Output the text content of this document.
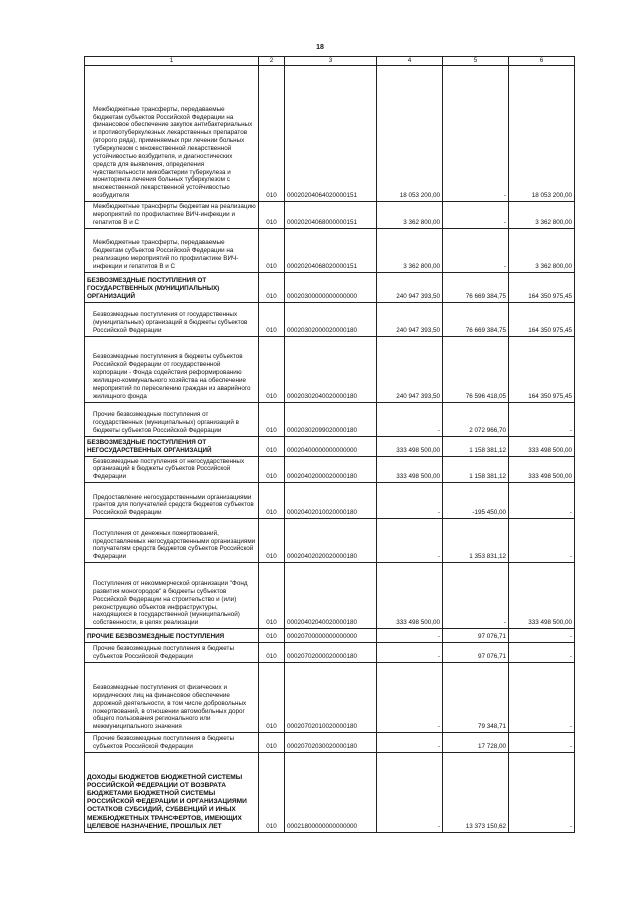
18
1	2	3	4	5	6
Межбюджетные трансферты, передаваемые бюджетам субъектов Российской Федерации на финансовое обеспечение закупок антибактериальных и противотуберкулезных лекарственных препаратов (второго ряда), применяемых при лечении больных туберкулезом с множественной лекарственной устойчивостью возбудителя, и диагностических средств для выявления, определения чувствительности микобактерии туберкулеза и мониторинга лечения больных туберкулезом с множественной лекарственной устойчивостью возбудителя	010	00020204064020000151	18 053 200,00	-	18 053 200,00
Межбюджетные трансферты бюджетам на реализацию мероприятий по профилактике ВИЧ-инфекции и гепатитов В и С	010	00020204068000000151	3 362 800,00	-	3 362 800,00
Межбюджетные трансферты, передаваемые бюджетам субъектов Российской Федерации на реализацию мероприятий по профилактике ВИЧ-инфекции и гепатитов В и С	010	00020204068020000151	3 362 800,00	-	3 362 800,00
БЕЗВОЗМЕЗДНЫЕ ПОСТУПЛЕНИЯ ОТ ГОСУДАРСТВЕННЫХ (МУНИЦИПАЛЬНЫХ) ОРГАНИЗАЦИЙ	010	00020300000000000000	240 947 393,50	76 669 384,75	164 350 975,45
Безвозмездные поступления от государственных (муниципальных) организаций в бюджеты субъектов Российской Федерации	010	00020302000020000180	240 947 393,50	76 669 384,75	164 350 975,45
Безвозмездные поступления в бюджеты субъектов Российской Федерации от государственной корпорации - Фонда содействия реформированию жилищно-коммунального хозяйства на обеспечение мероприятий по переселению граждан из аварийного жилищного фонда	010	00020302040020000180	240 947 393,50	76 596 418,05	164 350 975,45
Прочие безвозмездные поступления от государственных (муниципальных) организаций в бюджеты субъектов Российской Федерации	010	00020302099020000180	-	2 072 966,70	-
БЕЗВОЗМЕЗДНЫЕ ПОСТУПЛЕНИЯ ОТ НЕГОСУДАРСТВЕННЫХ ОРГАНИЗАЦИЙ	010	00020400000000000000	333 498 500,00	1 158 381,12	333 498 500,00
Безвозмездные поступления от негосударственных организаций в бюджеты субъектов Российской Федерации	010	00020402000020000180	333 498 500,00	1 158 381,12	333 498 500,00
Предоставление негосударственными организациями грантов для получателей средств бюджетов субъектов Российской Федерации	010	00020402010020000180	-	-195 450,00	-
Поступления от денежных пожертвований, предоставляемых негосударственными организациями получателям средств бюджетов субъектов Российской Федерации	010	00020402020020000180	-	1 353 831,12	-
Поступления от некоммерческой организации "Фонд развития моногородов" в бюджеты субъектов Российской Федерации на строительство и (или) реконструкцию объектов инфраструктуры, находящихся в государственной (муниципальной) собственности, в целях реализации	010	00020402040020000180	333 498 500,00	-	333 498 500,00
ПРОЧИЕ БЕЗВОЗМЕЗДНЫЕ ПОСТУПЛЕНИЯ	010	00020700000000000000	-	97 076,71	-
Прочие безвозмездные поступления в бюджеты субъектов Российской Федерации	010	00020702000020000180	-	97 076,71	-
Безвозмездные поступления от физических и юридических лиц на финансовое обеспечение дорожной деятельности, в том числе добровольных пожертвований, в отношении автомобильных дорог общего пользования регионального или межмуниципального значения	010	00020702010020000180	-	79 348,71	-
Прочие безвозмездные поступления в бюджеты субъектов Российской Федерации	010	00020702030020000180	-	17 728,00	-
ДОХОДЫ БЮДЖЕТОВ БЮДЖЕТНОЙ СИСТЕМЫ РОССИЙСКОЙ ФЕДЕРАЦИИ ОТ ВОЗВРАТА БЮДЖЕТАМИ БЮДЖЕТНОЙ СИСТЕМЫ РОССИЙСКОЙ ФЕДЕРАЦИИ И ОРГАНИЗАЦИЯМИ ОСТАТКОВ СУБСИДИЙ, СУБВЕНЦИЙ И ИНЫХ МЕЖБЮДЖЕТНЫХ ТРАНСФЕРТОВ, ИМЕЮЩИХ ЦЕЛЕВОЕ НАЗНАЧЕНИЕ, ПРОШЛЫХ ЛЕТ	010	00021800000000000000	-	13 373 150,62	-
